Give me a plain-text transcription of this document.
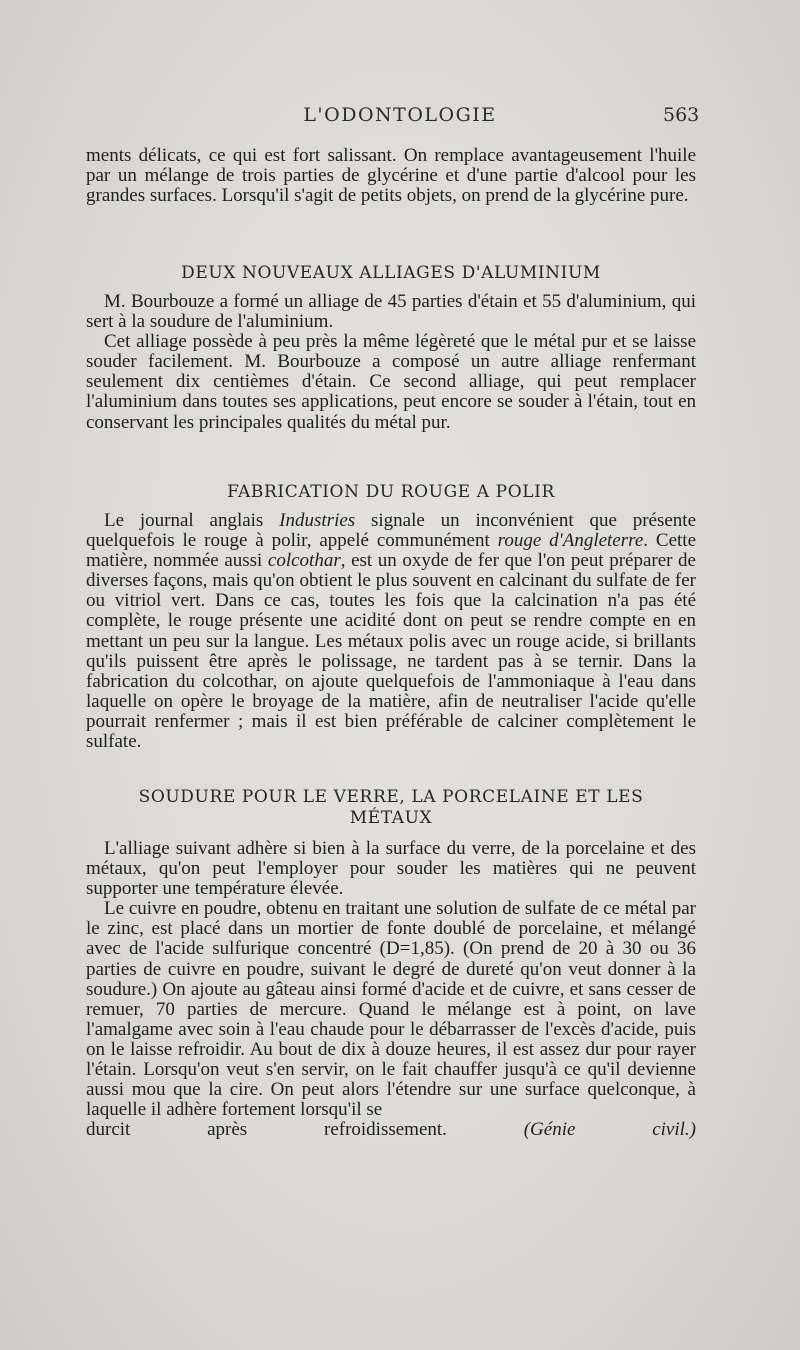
L'ODONTOLOGIE	563

ments délicats, ce qui est fort salissant. On remplace avantageusement l'huile par un mélange de trois parties de glycérine et d'une partie d'alcool pour les grandes surfaces. Lorsqu'il s'agit de petits objets, on prend de la glycérine pure.

DEUX NOUVEAUX ALLIAGES D'ALUMINIUM

M. Bourbouze a formé un alliage de 45 parties d'étain et 55 d'aluminium, qui sert à la soudure de l'aluminium.

Cet alliage possède à peu près la même légèreté que le métal pur et se laisse souder facilement. M. Bourbouze a composé un autre alliage renfermant seulement dix centièmes d'étain. Ce second alliage, qui peut remplacer l'aluminium dans toutes ses applications, peut encore se souder à l'étain, tout en conservant les principales qualités du métal pur.

FABRICATION DU ROUGE A POLIR

Le journal anglais Industries signale un inconvénient que présente quelquefois le rouge à polir, appelé communément rouge d'Angleterre. Cette matière, nommée aussi colcothar, est un oxyde de fer que l'on peut préparer de diverses façons, mais qu'on obtient le plus souvent en calcinant du sulfate de fer ou vitriol vert. Dans ce cas, toutes les fois que la calcination n'a pas été complète, le rouge présente une acidité dont on peut se rendre compte en en mettant un peu sur la langue. Les métaux polis avec un rouge acide, si brillants qu'ils puissent être après le polissage, ne tardent pas à se ternir. Dans la fabrication du colcothar, on ajoute quelquefois de l'ammoniaque à l'eau dans laquelle on opère le broyage de la matière, afin de neutraliser l'acide qu'elle pourrait renfermer ; mais il est bien préférable de calciner complètement le sulfate.

SOUDURE POUR LE VERRE, LA PORCELAINE ET LES
MÉTAUX

L'alliage suivant adhère si bien à la surface du verre, de la porcelaine et des métaux, qu'on peut l'employer pour souder les matières qui ne peuvent supporter une température élevée.

Le cuivre en poudre, obtenu en traitant une solution de sulfate de ce métal par le zinc, est placé dans un mortier de fonte doublé de porcelaine, et mélangé avec de l'acide sulfurique concentré (D=1,85). (On prend de 20 à 30 ou 36 parties de cuivre en poudre, suivant le degré de dureté qu'on veut donner à la soudure.) On ajoute au gâteau ainsi formé d'acide et de cuivre, et sans cesser de remuer, 70 parties de mercure. Quand le mélange est à point, on lave l'amalgame avec soin à l'eau chaude pour le débarrasser de l'excès d'acide, puis on le laisse refroidir. Au bout de dix à douze heures, il est assez dur pour rayer l'étain. Lorsqu'on veut s'en servir, on le fait chauffer jusqu'à ce qu'il devienne aussi mou que la cire. On peut alors l'étendre sur une surface quelconque, à laquelle il adhère fortement lorsqu'il se

durcit après refroidissement.	(Génie civil.)
